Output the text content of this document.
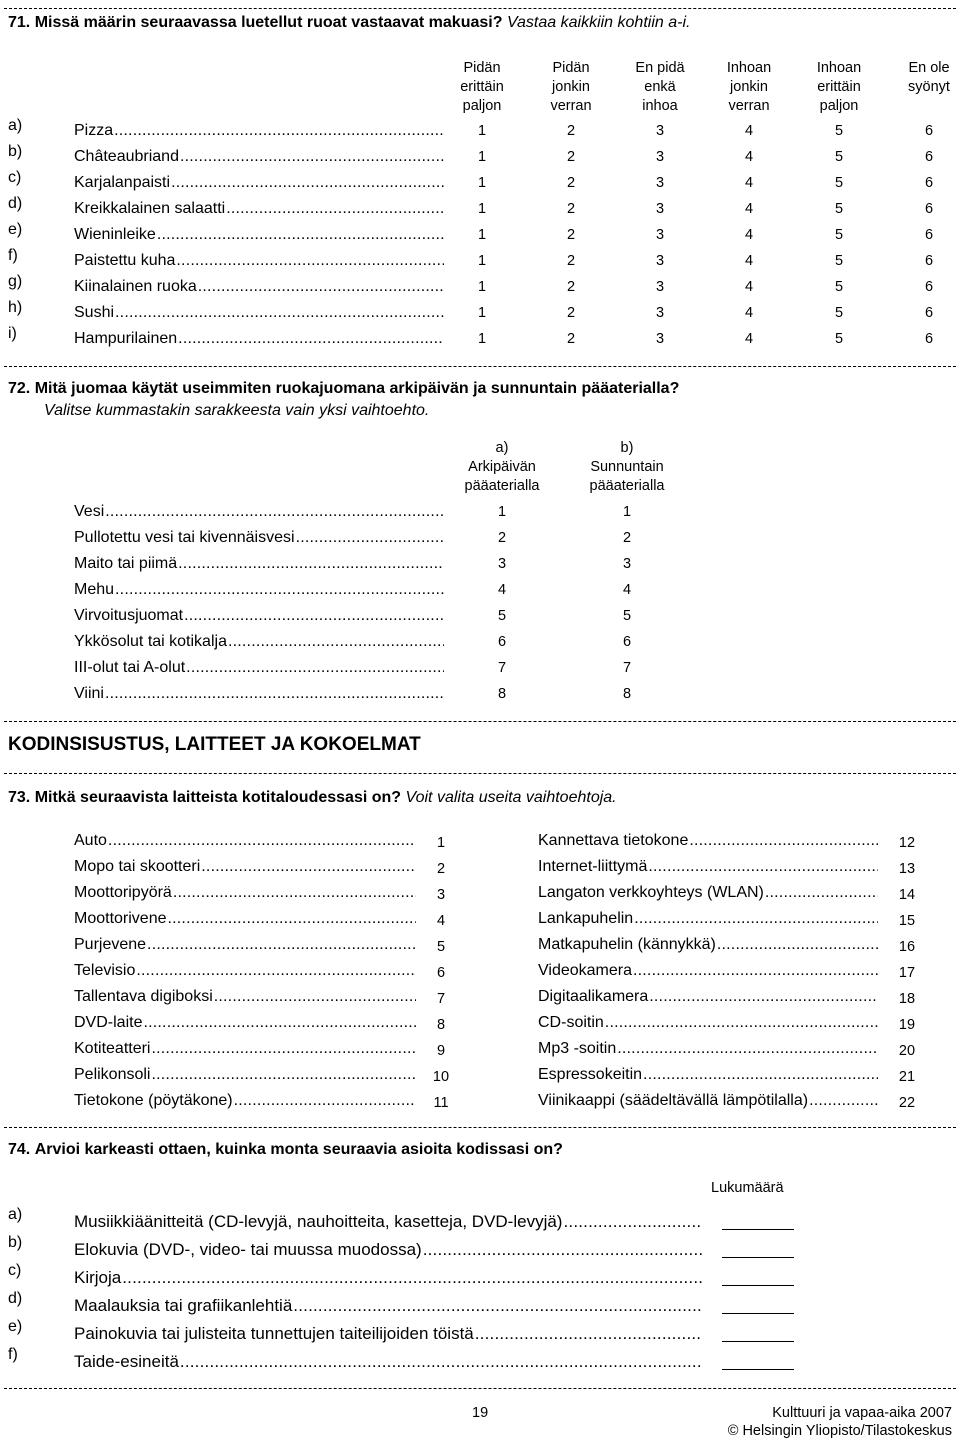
71. Missä määrin seuraavassa luetellut ruoat vastaavat makuasi? Vastaa kaikkiin kohtiin a-i.
Pidän
erittäin
paljon
Pidän
jonkin
verran
En pidä
enkä
inhoa
Inhoan
jonkin
verran
Inhoan
erittäin
paljon
En ole
syönyt
a)	Pizza .....	1	2	3	4	5	6
b)	Châteaubriand .....	1	2	3	4	5	6
c)	Karjalanpaisti .....	1	2	3	4	5	6
d)	Kreikkalainen salaatti .....	1	2	3	4	5	6
e)	Wieninleike .....	1	2	3	4	5	6
f)	Paistettu kuha .....	1	2	3	4	5	6
g)	Kiinalainen ruoka .....	1	2	3	4	5	6
h)	Sushi .....	1	2	3	4	5	6
i)	Hampurilainen .....	1	2	3	4	5	6
72. Mitä juomaa käytät useimmiten ruokajuomana arkipäivän ja sunnuntain pääaterialla?
Valitse kummastakin sarakkeesta vain yksi vaihtoehto.
a)
Arkipäivän
pääaterialla
b)
Sunnuntain
pääaterialla
Vesi .....	1	1
Pullotettu vesi tai kivennäisvesi .....	2	2
Maito tai piimä .....	3	3
Mehu .....	4	4
Virvoitusjuomat .....	5	5
Ykkösolut tai kotikalja .....	6	6
III-olut tai A-olut .....	7	7
Viini .....	8	8
KODINSISUSTUS, LAITTEET JA KOKOELMAT
73. Mitkä seuraavista laitteista kotitaloudessasi on? Voit valita useita vaihtoehtoja.
Auto .....	1
Mopo tai skootteri .....	2
Moottoripyörä .....	3
Moottorivene .....	4
Purjevene .....	5
Televisio .....	6
Tallentava digiboksi .....	7
DVD-laite .....	8
Kotiteatteri .....	9
Pelikonsoli .....	10
Tietokone (pöytäkone) .....	11
Kannettava tietokone .....	12
Internet-liittymä .....	13
Langaton verkkoyhteys (WLAN) .....	14
Lankapuhelin .....	15
Matkapuhelin (kännykkä) .....	16
Videokamera .....	17
Digitaalikamera .....	18
CD-soitin .....	19
Mp3 -soitin .....	20
Espressokeitin .....	21
Viinikaappi (säädeltävällä lämpötilalla) .....	22
74. Arvioi karkeasti ottaen, kuinka monta seuraavia asioita kodissasi on?
Lukumäärä
a)	Musiikkiäänitteitä (CD-levyjä, nauhoitteita, kasetteja, DVD-levyjä) .....
b)	Elokuvia (DVD-, video- tai muussa muodossa) .....
c)	Kirjoja .....
d)	Maalauksia tai grafiikanlehtiä .....
e)	Painokuvia tai julisteita tunnettujen taiteilijoiden töistä .....
f)	Taide-esineitä .....
19	Kulttuuri ja vapaa-aika 2007
© Helsingin Yliopisto/Tilastokeskus
